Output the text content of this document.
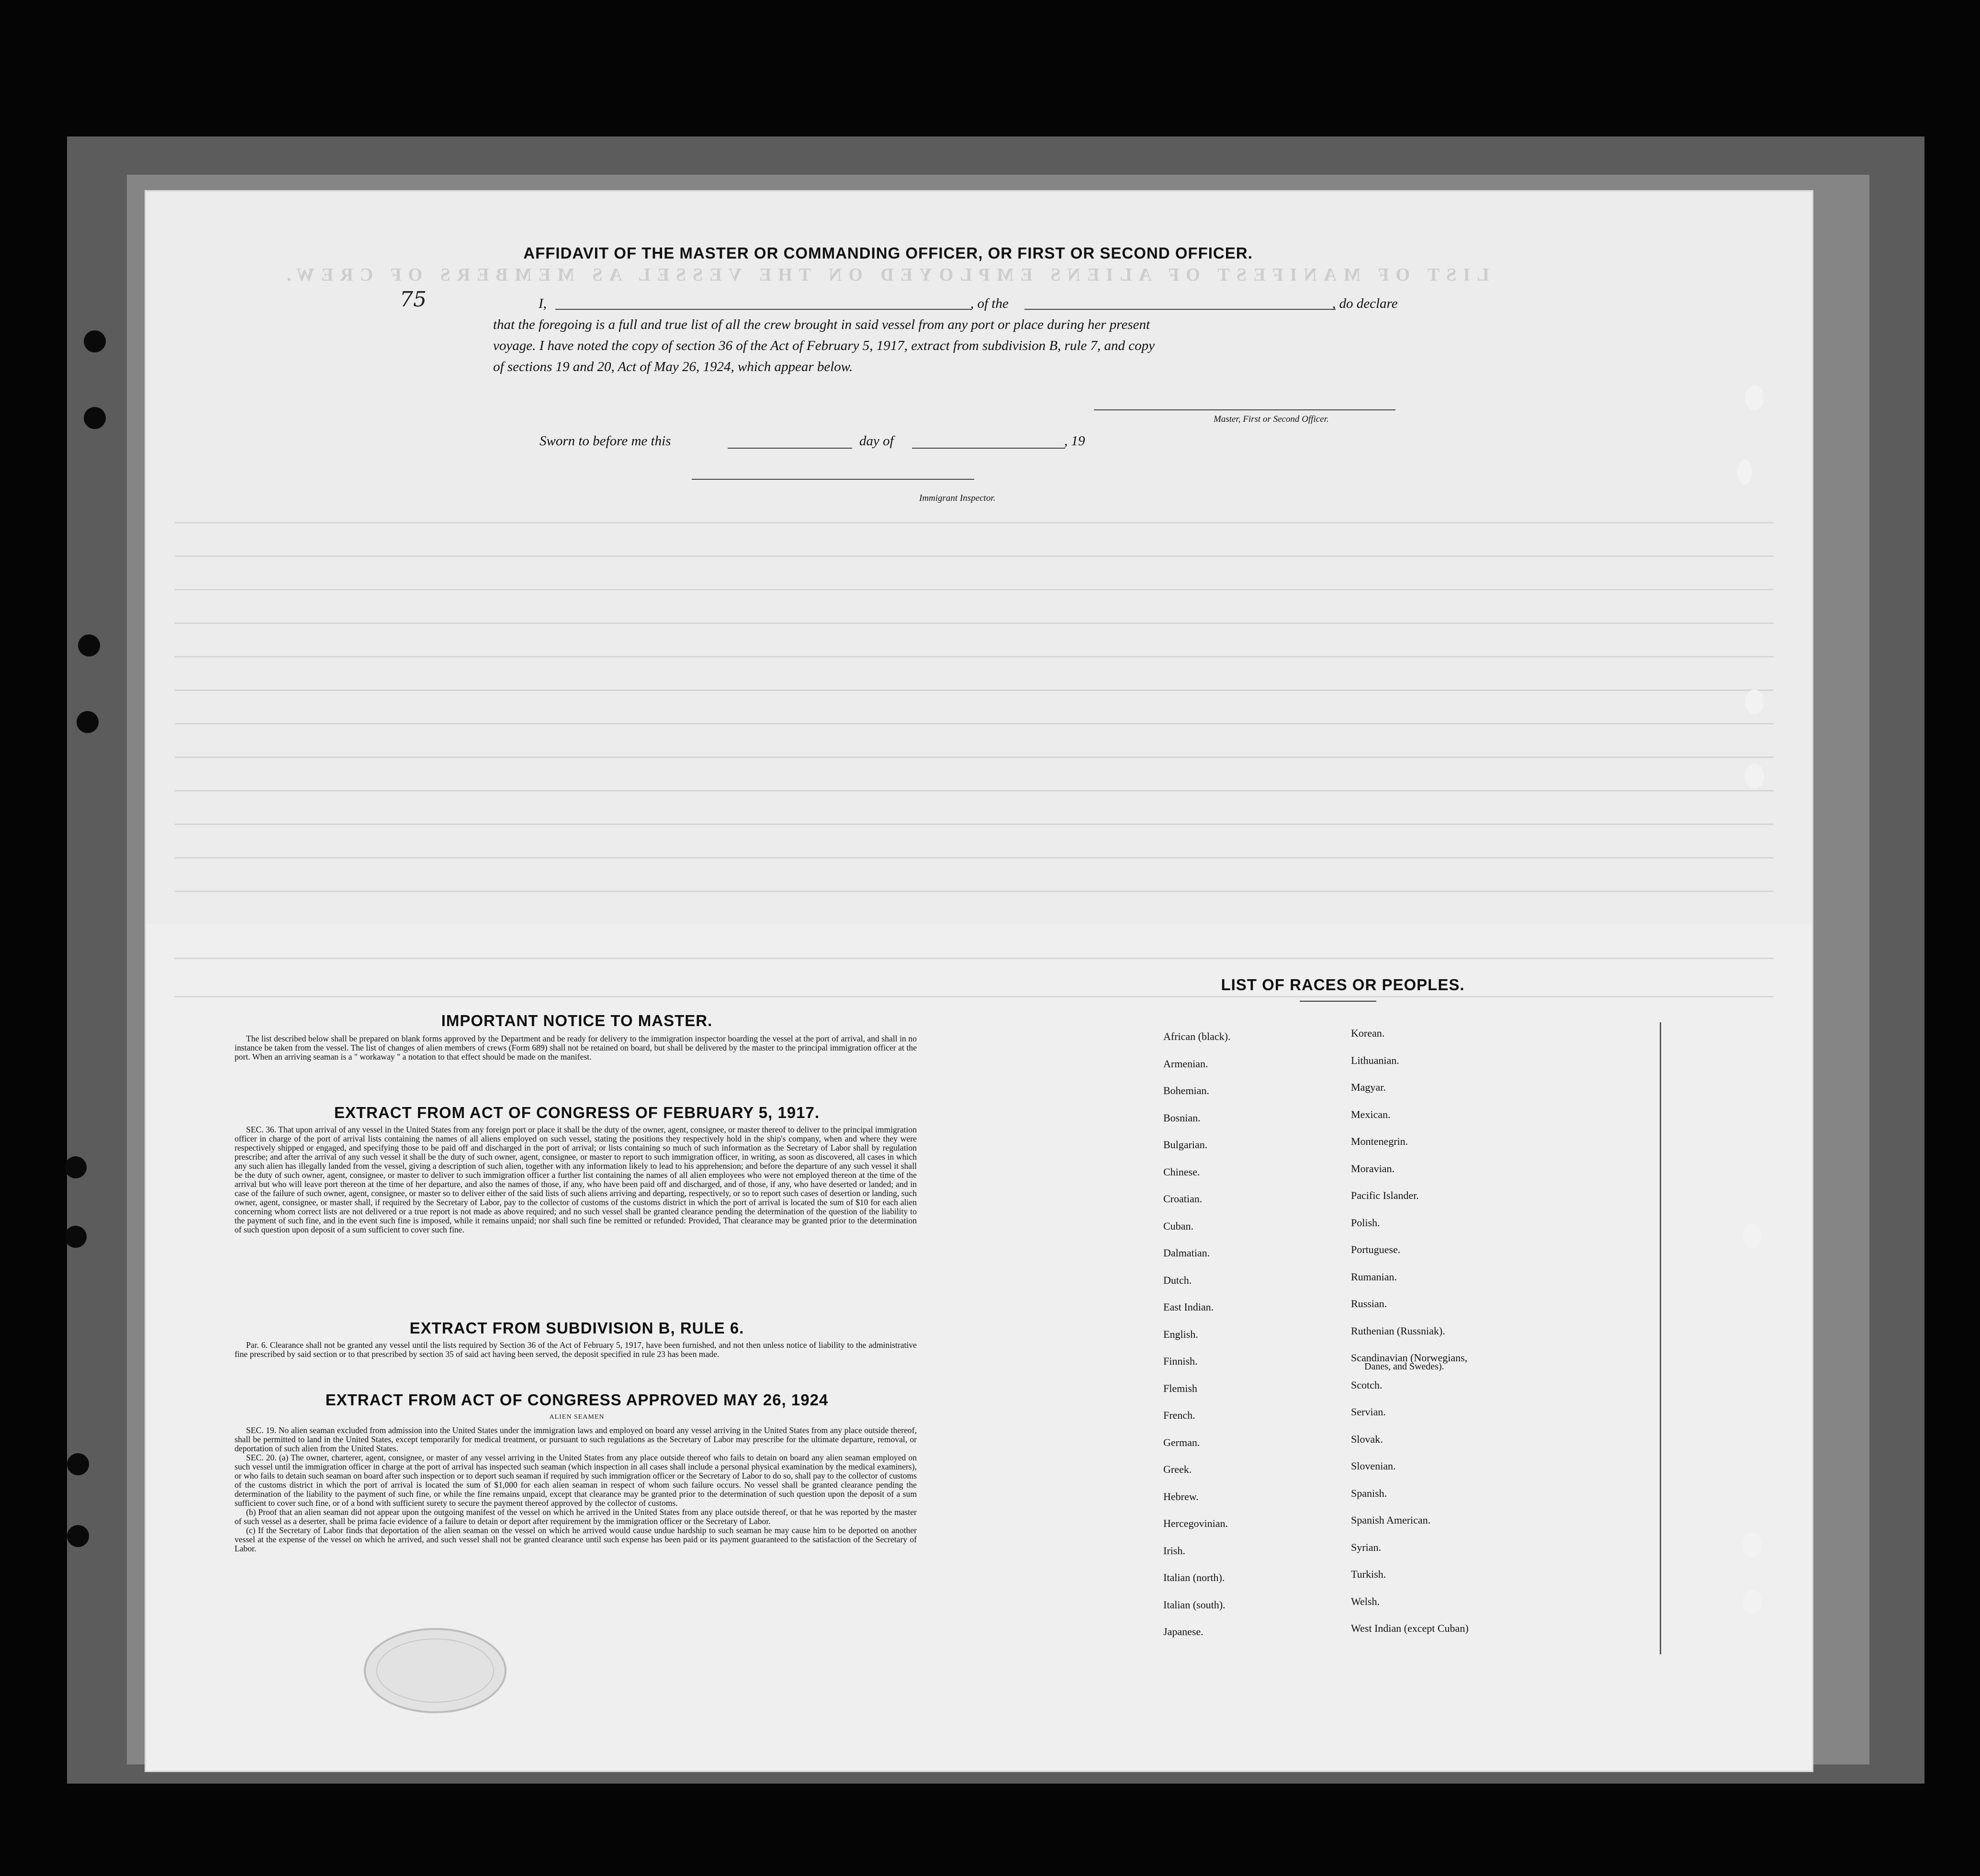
LIST OF MANIFEST OF ALIENS EMPLOYED ON THE VESSEL AS MEMBERS OF CREW.
AFFIDAVIT OF THE MASTER OR COMMANDING OFFICER, OR FIRST OR SECOND OFFICER.
I,	, of the	, do declare
that the foregoing is a full and true list of all the crew brought in said vessel from any port or place during her present
voyage. I have noted the copy of section 36 of the Act of February 5, 1917, extract from subdivision B, rule 7, and copy
of sections 19 and 20, Act of May 26, 1924, which appear below.
Master, First or Second Officer.
Sworn to before me this	day of	, 19
Immigrant Inspector.
75
IMPORTANT NOTICE TO MASTER.

The list described below shall be prepared on blank forms approved by the Department and be ready for delivery to the immigration inspector boarding the vessel at the port of arrival, and shall in no instance be taken from the vessel. The list of changes of alien members of crews (Form 689) shall not be retained on board, but shall be delivered by the master to the principal immigration officer at the port. When an arriving seaman is a " workaway " a notation to that effect should be made on the manifest.

EXTRACT FROM ACT OF CONGRESS OF FEBRUARY 5, 1917.

SEC. 36. That upon arrival of any vessel in the United States from any foreign port or place it shall be the duty of the owner, agent, consignee, or master thereof to deliver to the principal immigration officer in charge of the port of arrival lists containing the names of all aliens employed on such vessel, stating the positions they respectively hold in the ship's company, when and where they were respectively shipped or engaged, and specifying those to be paid off and discharged in the port of arrival; or lists containing so much of such information as the Secretary of Labor shall by regulation prescribe; and after the arrival of any such vessel it shall be the duty of such owner, agent, consignee, or master to report to such immigration officer, in writing, as soon as discovered, all cases in which any such alien has illegally landed from the vessel, giving a description of such alien, together with any information likely to lead to his apprehension; and before the departure of any such vessel it shall be the duty of such owner, agent, consignee, or master to deliver to such immigration officer a further list containing the names of all alien employees who were not employed thereon at the time of the arrival but who will leave port thereon at the time of her departure, and also the names of those, if any, who have been paid off and discharged, and of those, if any, who have deserted or landed; and in case of the failure of such owner, agent, consignee, or master so to deliver either of the said lists of such aliens arriving and departing, respectively, or so to report such cases of desertion or landing, such owner, agent, consignee, or master shall, if required by the Secretary of Labor, pay to the collector of customs of the customs district in which the port of arrival is located the sum of $10 for each alien concerning whom correct lists are not delivered or a true report is not made as above required; and no such vessel shall be granted clearance pending the determination of the question of the liability to the payment of such fine, and in the event such fine is imposed, while it remains unpaid; nor shall such fine be remitted or refunded: Provided, That clearance may be granted prior to the determination of such question upon deposit of a sum sufficient to cover such fine.

EXTRACT FROM SUBDIVISION B, RULE 6.

Par. 6. Clearance shall not be granted any vessel until the lists required by Section 36 of the Act of February 5, 1917, have been furnished, and not then unless notice of liability to the administrative fine prescribed by said section or to that prescribed by section 35 of said act having been served, the deposit specified in rule 23 has been made.

EXTRACT FROM ACT OF CONGRESS APPROVED MAY 26, 1924
ALIEN SEAMEN

SEC. 19. No alien seaman excluded from admission into the United States under the immigration laws and employed on board any vessel arriving in the United States from any place outside thereof, shall be permitted to land in the United States, except temporarily for medical treatment, or pursuant to such regulations as the Secretary of Labor may prescribe for the ultimate departure, removal, or deportation of such alien from the United States.

SEC. 20. (a) The owner, charterer, agent, consignee, or master of any vessel arriving in the United States from any place outside thereof who fails to detain on board any alien seaman employed on such vessel until the immigration officer in charge at the port of arrival has inspected such seaman (which inspection in all cases shall include a personal physical examination by the medical examiners), or who fails to detain such seaman on board after such inspection or to deport such seaman if required by such immigration officer or the Secretary of Labor to do so, shall pay to the collector of customs of the customs district in which the port of arrival is located the sum of $1,000 for each alien seaman in respect of whom such failure occurs. No vessel shall be granted clearance pending the determination of the liability to the payment of such fine, or while the fine remains unpaid, except that clearance may be granted prior to the determination of such question upon the deposit of a sum sufficient to cover such fine, or of a bond with sufficient surety to secure the payment thereof approved by the collector of customs.

(b) Proof that an alien seaman did not appear upon the outgoing manifest of the vessel on which he arrived in the United States from any place outside thereof, or that he was reported by the master of such vessel as a deserter, shall be prima facie evidence of a failure to detain or deport after requirement by the immigration officer or the Secretary of Labor.

(c) If the Secretary of Labor finds that deportation of the alien seaman on the vessel on which he arrived would cause undue hardship to such seaman he may cause him to be deported on another vessel at the expense of the vessel on which he arrived, and such vessel shall not be granted clearance until such expense has been paid or its payment guaranteed to the satisfaction of the Secretary of Labor.

LIST OF RACES OR PEOPLES.
African (black).
Armenian.
Bohemian.
Bosnian.
Bulgarian.
Chinese.
Croatian.
Cuban.
Dalmatian.
Dutch.
East Indian.
English.
Finnish.
Flemish
French.
German.
Greek.
Hebrew.
Hercegovinian.
Irish.
Italian (north).
Italian (south).
Japanese.
Korean.
Lithuanian.
Magyar.
Mexican.
Montenegrin.
Moravian.
Pacific Islander.
Polish.
Portuguese.
Rumanian.
Russian.
Ruthenian (Russniak).
Scandinavian (Norwegians,
Danes, and Swedes).
Scotch.
Servian.
Slovak.
Slovenian.
Spanish.
Spanish American.
Syrian.
Turkish.
Welsh.
West Indian (except Cuban)
